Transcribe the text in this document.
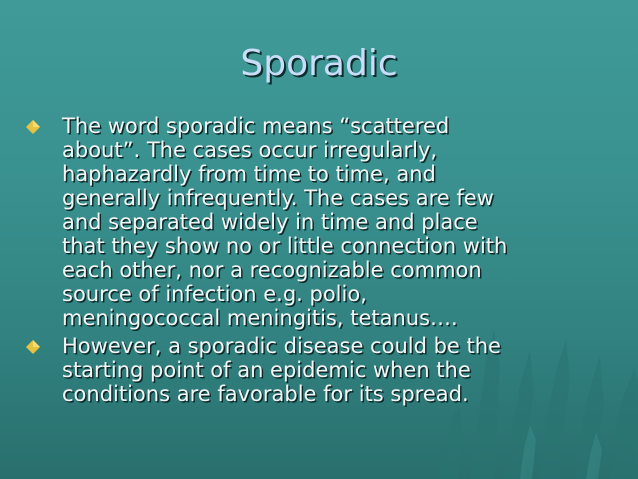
Sporadic
The word sporadic means “scattered
about”. The cases occur irregularly,
haphazardly from time to time, and
generally infrequently. The cases are few
and separated widely in time and place
that they show no or little connection with
each other, nor a recognizable common
source of infection e.g. polio,
meningococcal meningitis, tetanus….
However, a sporadic disease could be the
starting point of an epidemic when the
conditions are favorable for its spread.
